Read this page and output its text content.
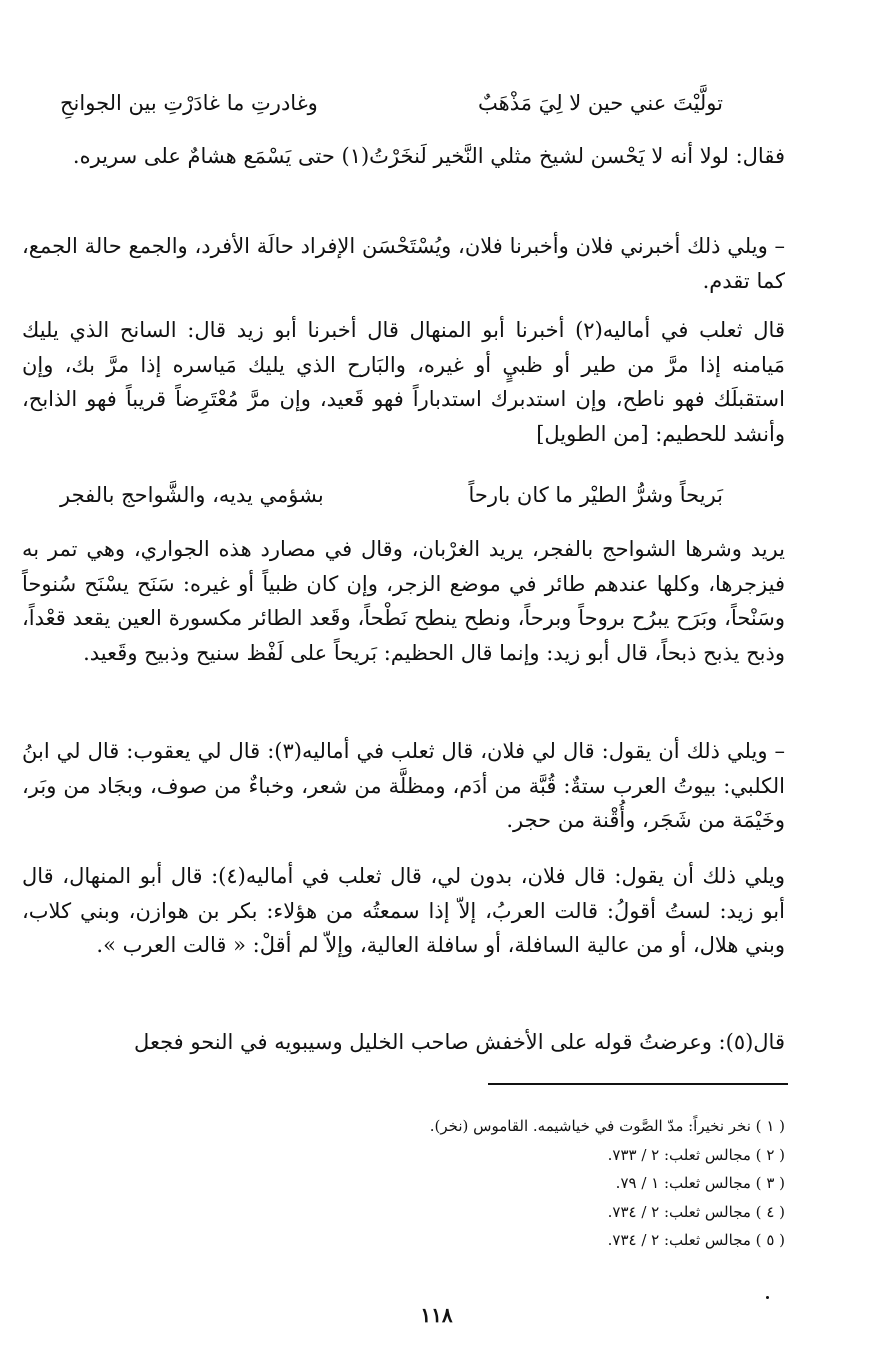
تولَّيْتَ عني حين لا لِيَ مَذْهَبٌ
وغادرتِ ما غادَرْتِ بين الجوانحِ
فقال: لولا أنه لا يَحْسن لشيخ مثلي النَّخير لَنخَرْتُ(١) حتى يَسْمَع هشامٌ على سريره.
– ويلي ذلك أخبرني فلان وأخبرنا فلان، ويُسْتَحْسَن الإفراد حالَة الأفرد، والجمع حالة الجمع، كما تقدم.
قال ثعلب في أماليه(٢) أخبرنا أبو المنهال قال أخبرنا أبو زيد قال: السانح الذي يليك مَيامنه إذا مرَّ من طير أو ظبيٍ أو غيره، والبَارح الذي يليك مَياسره إذا مرَّ بك، وإن استقبلَك فهو ناطح، وإن استدبرك استدباراً فهو قَعيد، وإن مرَّ مُعْتَرِضاً قريباً فهو الذابح، وأنشد للحطيم: [من الطويل]
بَريحاً وشرُّ الطيْر ما كان بارحاً
بشؤمي يديه، والشَّواحج بالفجر
يريد وشرها الشواحج بالفجر، يريد الغرْبان، وقال في مصارد هذه الجواري، وهي تمر به فيزجرها، وكلها عندهم طائر في موضع الزجر، وإن كان ظبياً أو غيره: سَنَح يسْنَح سُنوحاً وسَنْحاً، وبَرَح يبرُح بروحاً وبرحاً، ونطح ينطح نَطْحاً، وقَعد الطائر مكسورة العين يقعد قعْداً، وذبح يذبح ذبحاً، قال أبو زيد: وإنما قال الحظيم: بَريحاً على لَفْظ سنيح وذبيح وقَعيد.
– ويلي ذلك أن يقول: قال لي فلان، قال ثعلب في أماليه(٣): قال لي يعقوب: قال لي ابنُ الكلبي: بيوتُ العرب ستةٌ: قُبَّة من أدَم، ومظلَّة من شعر، وخباءٌ من صوف، وبجَاد من وبَر، وخَيْمَة من شَجَر، وأُقْنة من حجر.
ويلي ذلك أن يقول: قال فلان، بدون لي، قال ثعلب في أماليه(٤): قال أبو المنهال، قال أبو زيد: لستُ أقولُ: قالت العربُ، إلاّ إذا سمعتُه من هؤلاء: بكر بن هوازن، وبني كلاب، وبني هلال، أو من عالية السافلة، أو سافلة العالية، وإلاّ لم أقلْ: « قالت العرب ».
قال(٥): وعرضتُ قوله على الأخفش صاحب الخليل وسيبويه في النحو فجعل
( ١ ) نخر نخيراً: مدّ الصَّوت في خياشيمه. القاموس (نخر).
( ٢ ) مجالس ثعلب: ٢ / ٧٣٣.
( ٣ ) مجالس ثعلب: ١ / ٧٩.
( ٤ ) مجالس ثعلب: ٢ / ٧٣٤.
( ٥ ) مجالس ثعلب: ٢ / ٧٣٤.
١١٨
